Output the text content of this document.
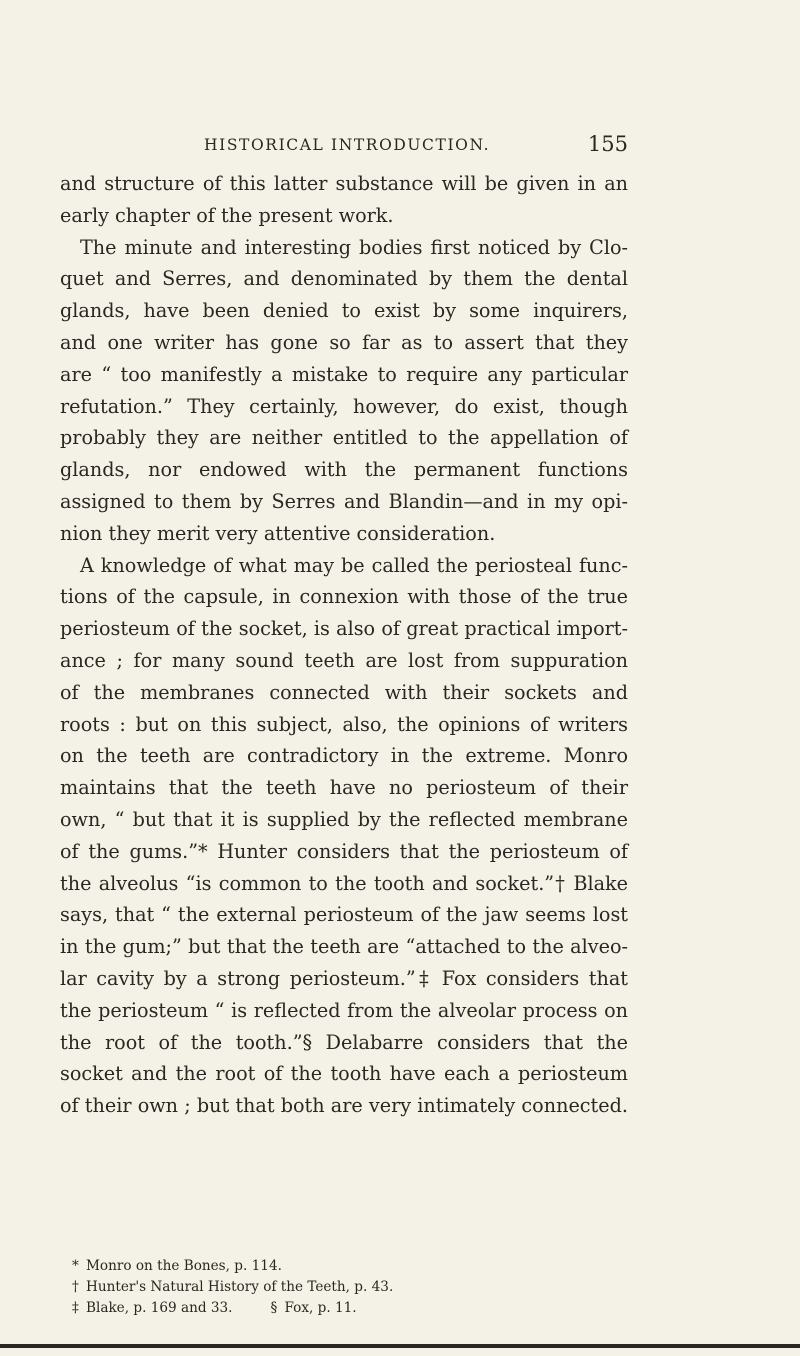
HISTORICAL INTRODUCTION.	155
and structure of this latter substance will be given in an
early chapter of the present work.
The minute and interesting bodies first noticed by Clo-
quet and Serres, and denominated by them the dental
glands, have been denied to exist by some inquirers,
and one writer has gone so far as to assert that they
are “ too manifestly a mistake to require any particular
refutation.” They certainly, however, do exist, though
probably they are neither entitled to the appellation of
glands, nor endowed with the permanent functions
assigned to them by Serres and Blandin—and in my opi-
nion they merit very attentive consideration.
A knowledge of what may be called the periosteal func-
tions of the capsule, in connexion with those of the true
periosteum of the socket, is also of great practical import-
ance ; for many sound teeth are lost from suppuration
of the membranes connected with their sockets and
roots : but on this subject, also, the opinions of writers
on the teeth are contradictory in the extreme. Monro
maintains that the teeth have no periosteum of their
own, “ but that it is supplied by the reflected membrane
of the gums.”* Hunter considers that the periosteum of
the alveolus “is common to the tooth and socket.”† Blake
says, that “ the external periosteum of the jaw seems lost
in the gum;” but that the teeth are “attached to the alveo-
lar cavity by a strong periosteum.”‡ Fox considers that
the periosteum “ is reflected from the alveolar process on
the root of the tooth.”§ Delabarre considers that the
socket and the root of the tooth have each a periosteum
of their own ; but that both are very intimately connected.
* Monro on the Bones, p. 114.
† Hunter's Natural History of the Teeth, p. 43.
‡ Blake, p. 169 and 33.	§ Fox, p. 11.
